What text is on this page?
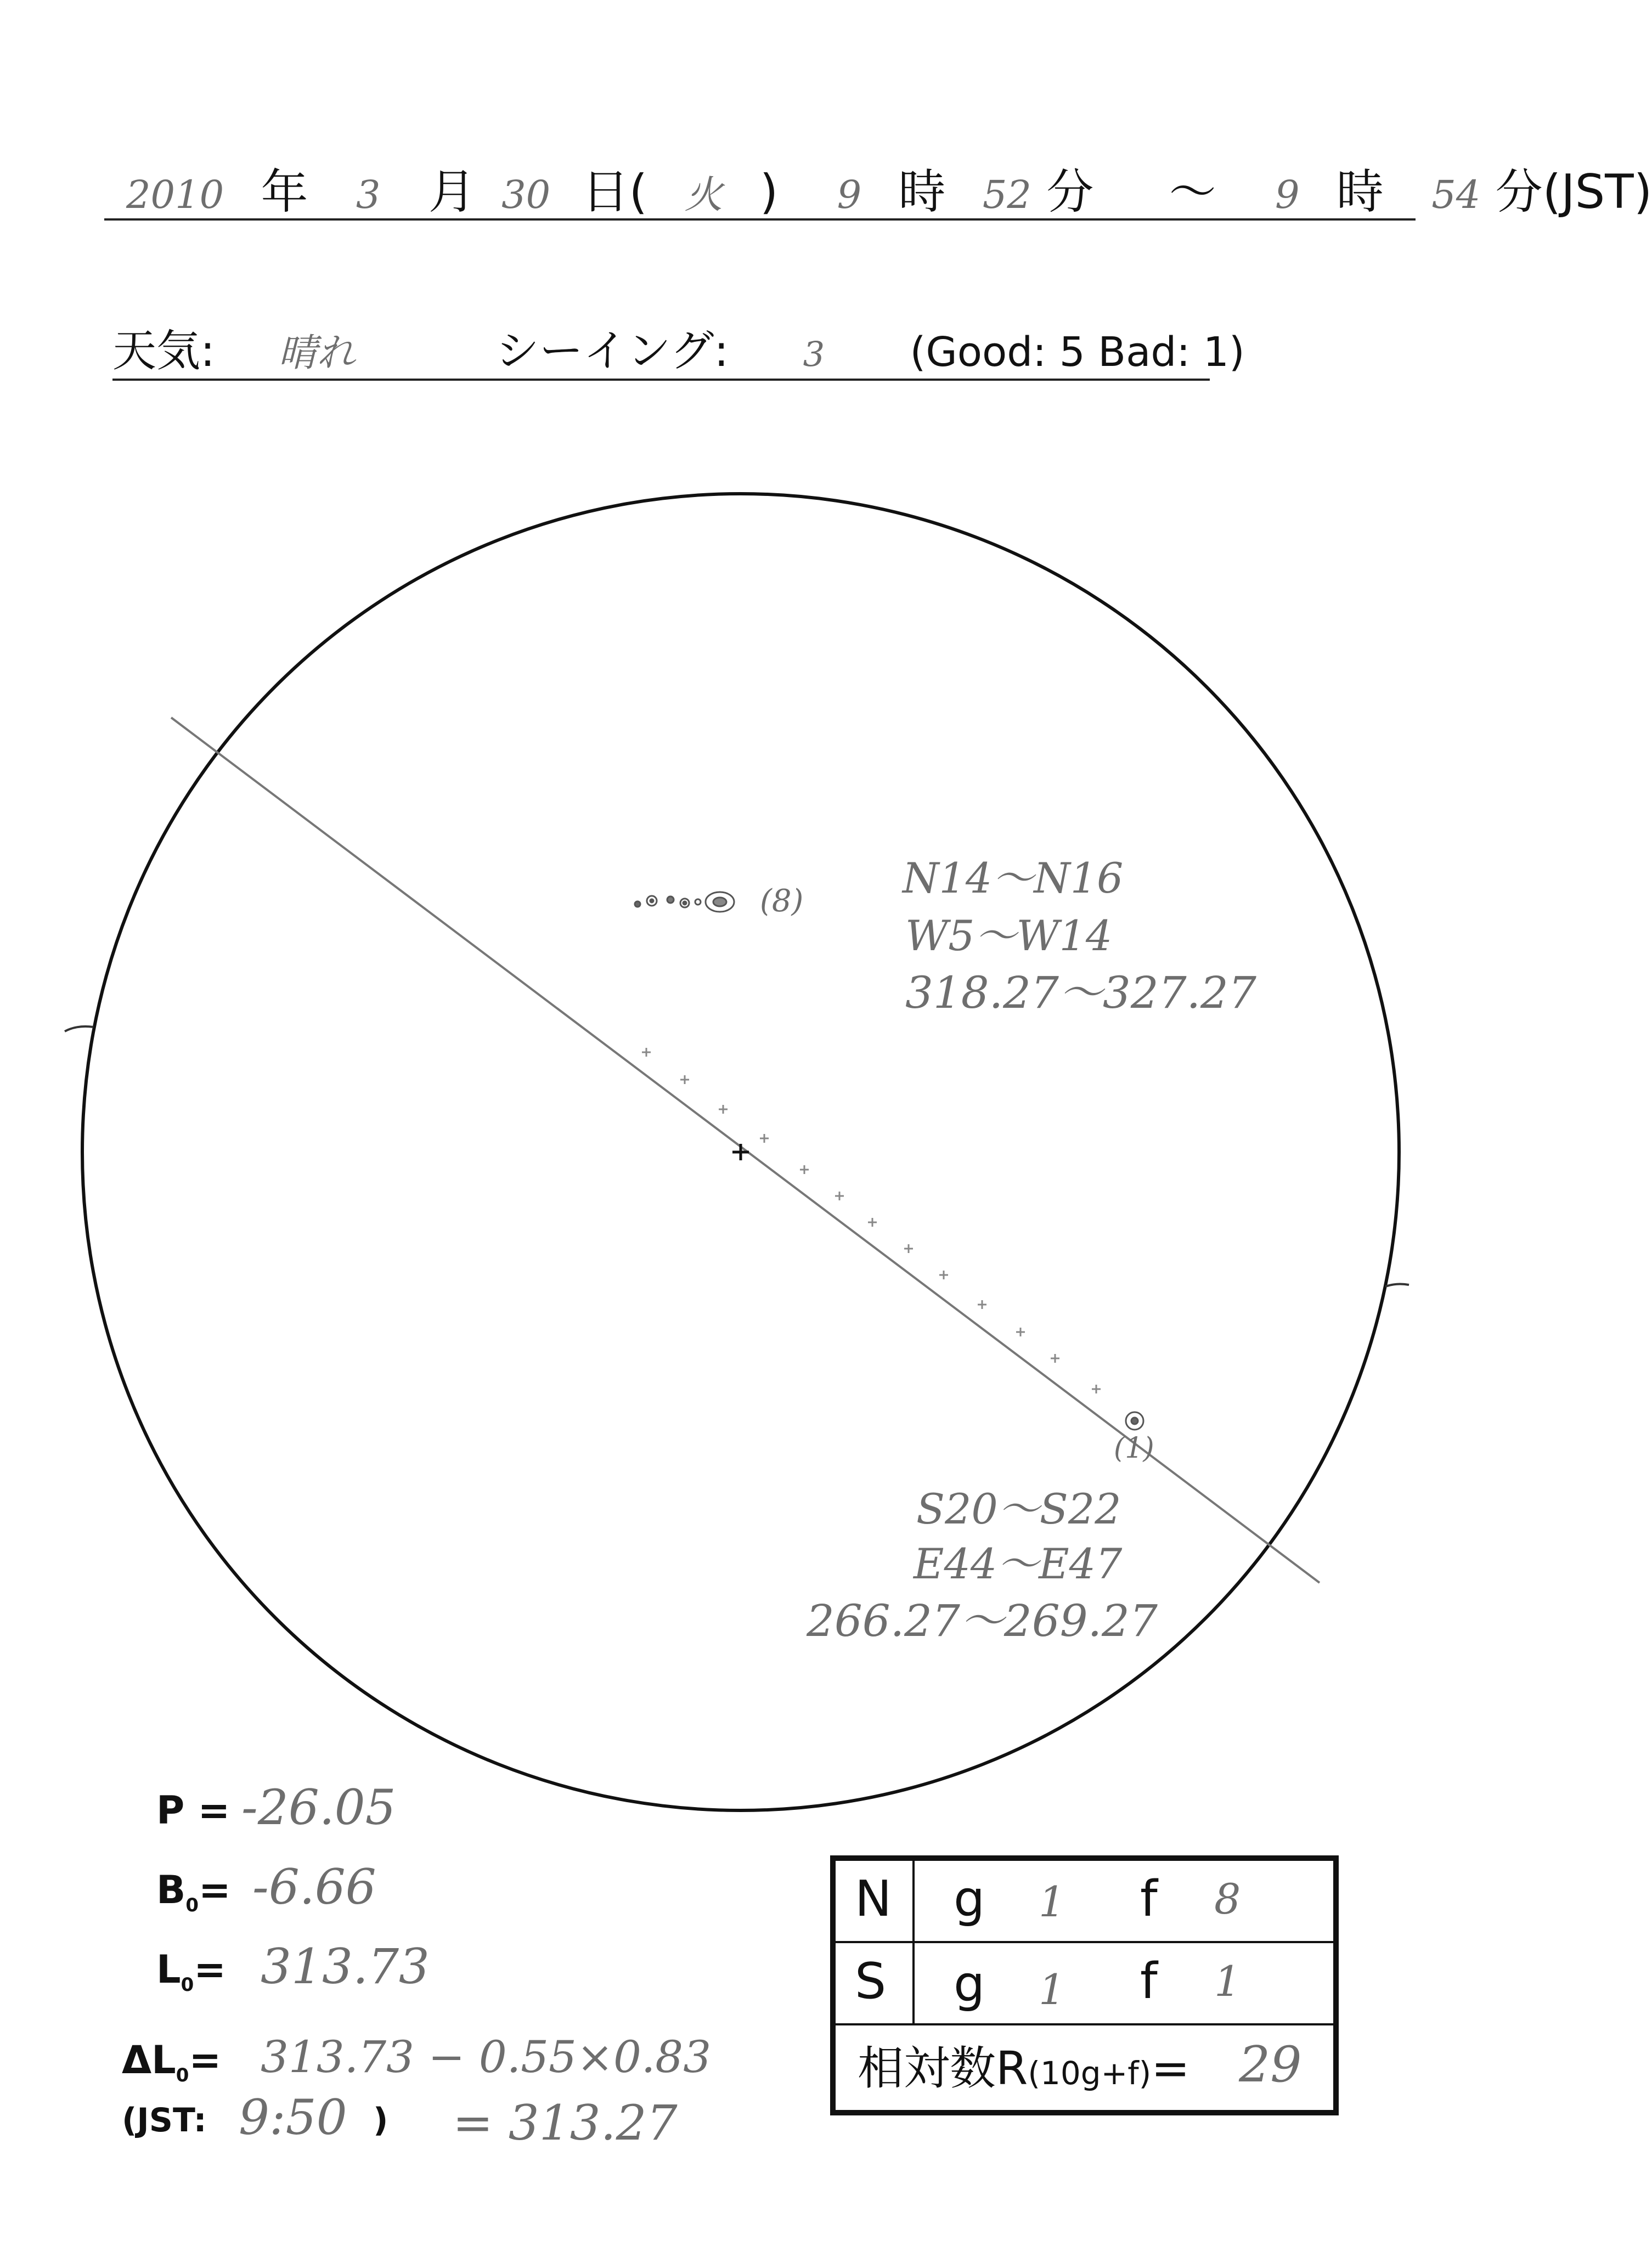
2010 年 3 月 30 日( 火 ) 9 時 52 分 〜 9 時 54 分(JST)
天気: 晴れ	シーイング: 3 (Good: 5 Bad: 1)
(8) N14〜N16
W5〜W14
318.27〜327.27
(1)
S20〜S22
E44〜E47
266.27〜269.27
P = -26.05
$B_0= -6.66$
$L_0= 313.73$
$\Delta L_0= 313.73 - 0.55\times 0.83$
(JST: 9:50 ) = 313.27
N g 1 f 8
S g 1 f 1
相対数R(10g+f)= 29
